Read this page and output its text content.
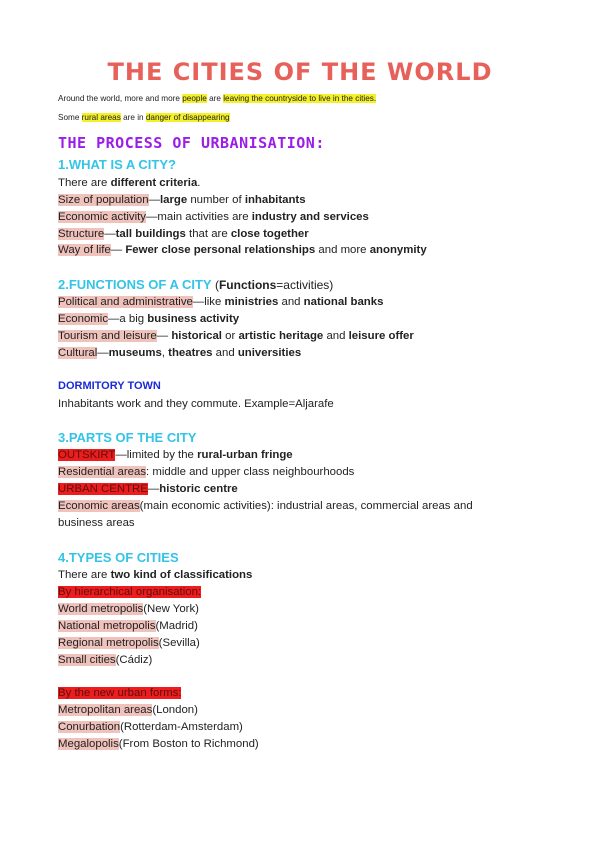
THE CITIES OF THE WORLD
Around the world, more and more people are leaving the countryside to live in the cities.
Some rural areas are in danger of disappearing
THE PROCESS OF URBANISATION:
1.WHAT IS A CITY?
There are different criteria.
Size of population—large number of inhabitants
Economic activity—main activities are industry and services
Structure—tall buildings that are close together
Way of life— Fewer close personal relationships and more anonymity
2.FUNCTIONS OF A CITY (Functions=activities)
Political and administrative—like ministries and national banks
Economic—a big business activity
Tourism and leisure— historical or artistic heritage and leisure offer
Cultural—museums, theatres and universities
DORMITORY TOWN
Inhabitants work and they commute. Example=Aljarafe
3.PARTS OF THE CITY
OUTSKIRT—limited by the rural-urban fringe
Residential areas: middle and upper class neighbourhoods
URBAN CENTRE—historic centre
Economic areas(main economic activities): industrial areas, commercial areas and business areas
4.TYPES OF CITIES
There are two kind of classifications
By hierarchical organisation:
World metropolis(New York)
National metropolis(Madrid)
Regional metropolis(Sevilla)
Small cities(Cádiz)
By the new urban forms:
Metropolitan areas(London)
Conurbation(Rotterdam-Amsterdam)
Megalopolis(From Boston to Richmond)
